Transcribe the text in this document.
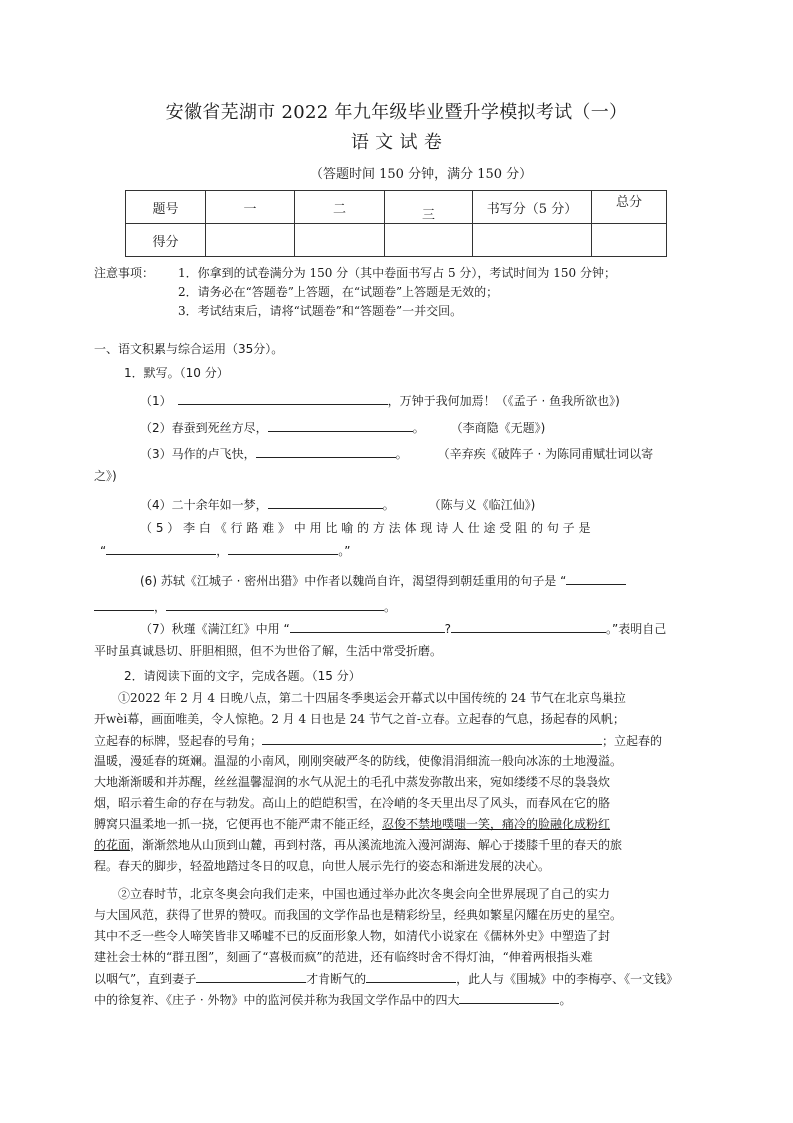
安徽省芜湖市 2022 年九年级毕业暨升学模拟考试（一）
语 文 试 卷
（答题时间 150 分钟，满分 150 分）
题号	一	二	三	书写分（5 分）	总分
得分					
注意事项： 1．你拿到的试卷满分为 150 分（其中卷面书写占 5 分），考试时间为 150 分钟；
2．请务必在“答题卷”上答题，在“试题卷”上答题是无效的；
3．考试结束后，请将“试题卷”和“答题卷”一并交回。
一、语文积累与综合运用（35分）。
1．默写。（10 分）
（1）	，万钟于我何加焉！（《孟子 · 鱼我所欲也》)
（2）春蚕到死丝方尽，	。	（李商隐《无题》)
（3）马作的卢飞快，	。	（辛弃疾《破阵子 · 为陈同甫赋壮词以寄
之》)
（4）二十余年如一梦，	。	（陈与义《临江仙》)
（ 5 ） 李 白 《 行 路 难 》 中 用 比 喻 的 方 法 体 现 诗 人 仕 途 受 阻 的 句 子 是
“	，	。”
(6) 苏轼《江城子 · 密州出猎》中作者以魏尚自许，渴望得到朝廷重用的句子是 “
，	。
（7）秋瑾《满江红》中用 “	?	。”表明自己
平时虽真诚恳切、肝胆相照，但不为世俗了解，生活中常受折磨。
2．请阅读下面的文字，完成各题。（15 分）
①2022 年 2 月 4 日晚八点，第二十四届冬季奥运会开幕式以中国传统的 24 节气在北京鸟巢拉
开wèi幕，画面唯美，令人惊艳。2 月 4 日也是 24 节气之首-立春。立起春的气息，扬起春的风帆；
立起春的标牌，竖起春的号角；	；立起春的
温暖，漫延春的斑斓。温湿的小南风，刚刚突破严冬的防线，使像涓涓细流一般向冰冻的土地漫溢。
大地渐渐暖和并苏醒，丝丝温馨湿润的水气从泥土的毛孔中蒸发弥散出来，宛如缕缕不尽的袅袅炊
烟，昭示着生命的存在与勃发。高山上的皑皑积雪，在冷峭的冬天里出尽了风头，而春风在它的胳
膊窝只温柔地一抓一挠，它便再也不能严肃不能正经，忍俊不禁地噗嗤一笑，痛冷的脸融化成粉红
的花面，渐渐然地从山顶到山麓，再到村落，再从溪流地流入漫河湖海、解心于搂膝千里的春天的旅
程。春天的脚步，轻盈地踏过冬日的叹息，向世人展示先行的姿态和渐进发展的决心。
②立春时节，北京冬奥会向我们走来，中国也通过举办此次冬奥会向全世界展现了自己的实力
与大国风范，获得了世界的赞叹。而我国的文学作品也是精彩纷呈，经典如繁星闪耀在历史的星空。
其中不乏一些令人啼笑皆非又唏嘘不已的反面形象人物，如清代小说家在《儒林外史》中塑造了封
建社会士林的“群丑图”，刻画了“喜极而疯”的范进，还有临终时舍不得灯油，“伸着两根指头难
以咽气”，直到妻子	才肯断气的	，此人与《围城》中的李梅亭、《一文钱》
中的徐复祚、《庄子 · 外物》中的监河侯并称为我国文学作品中的四大	。
